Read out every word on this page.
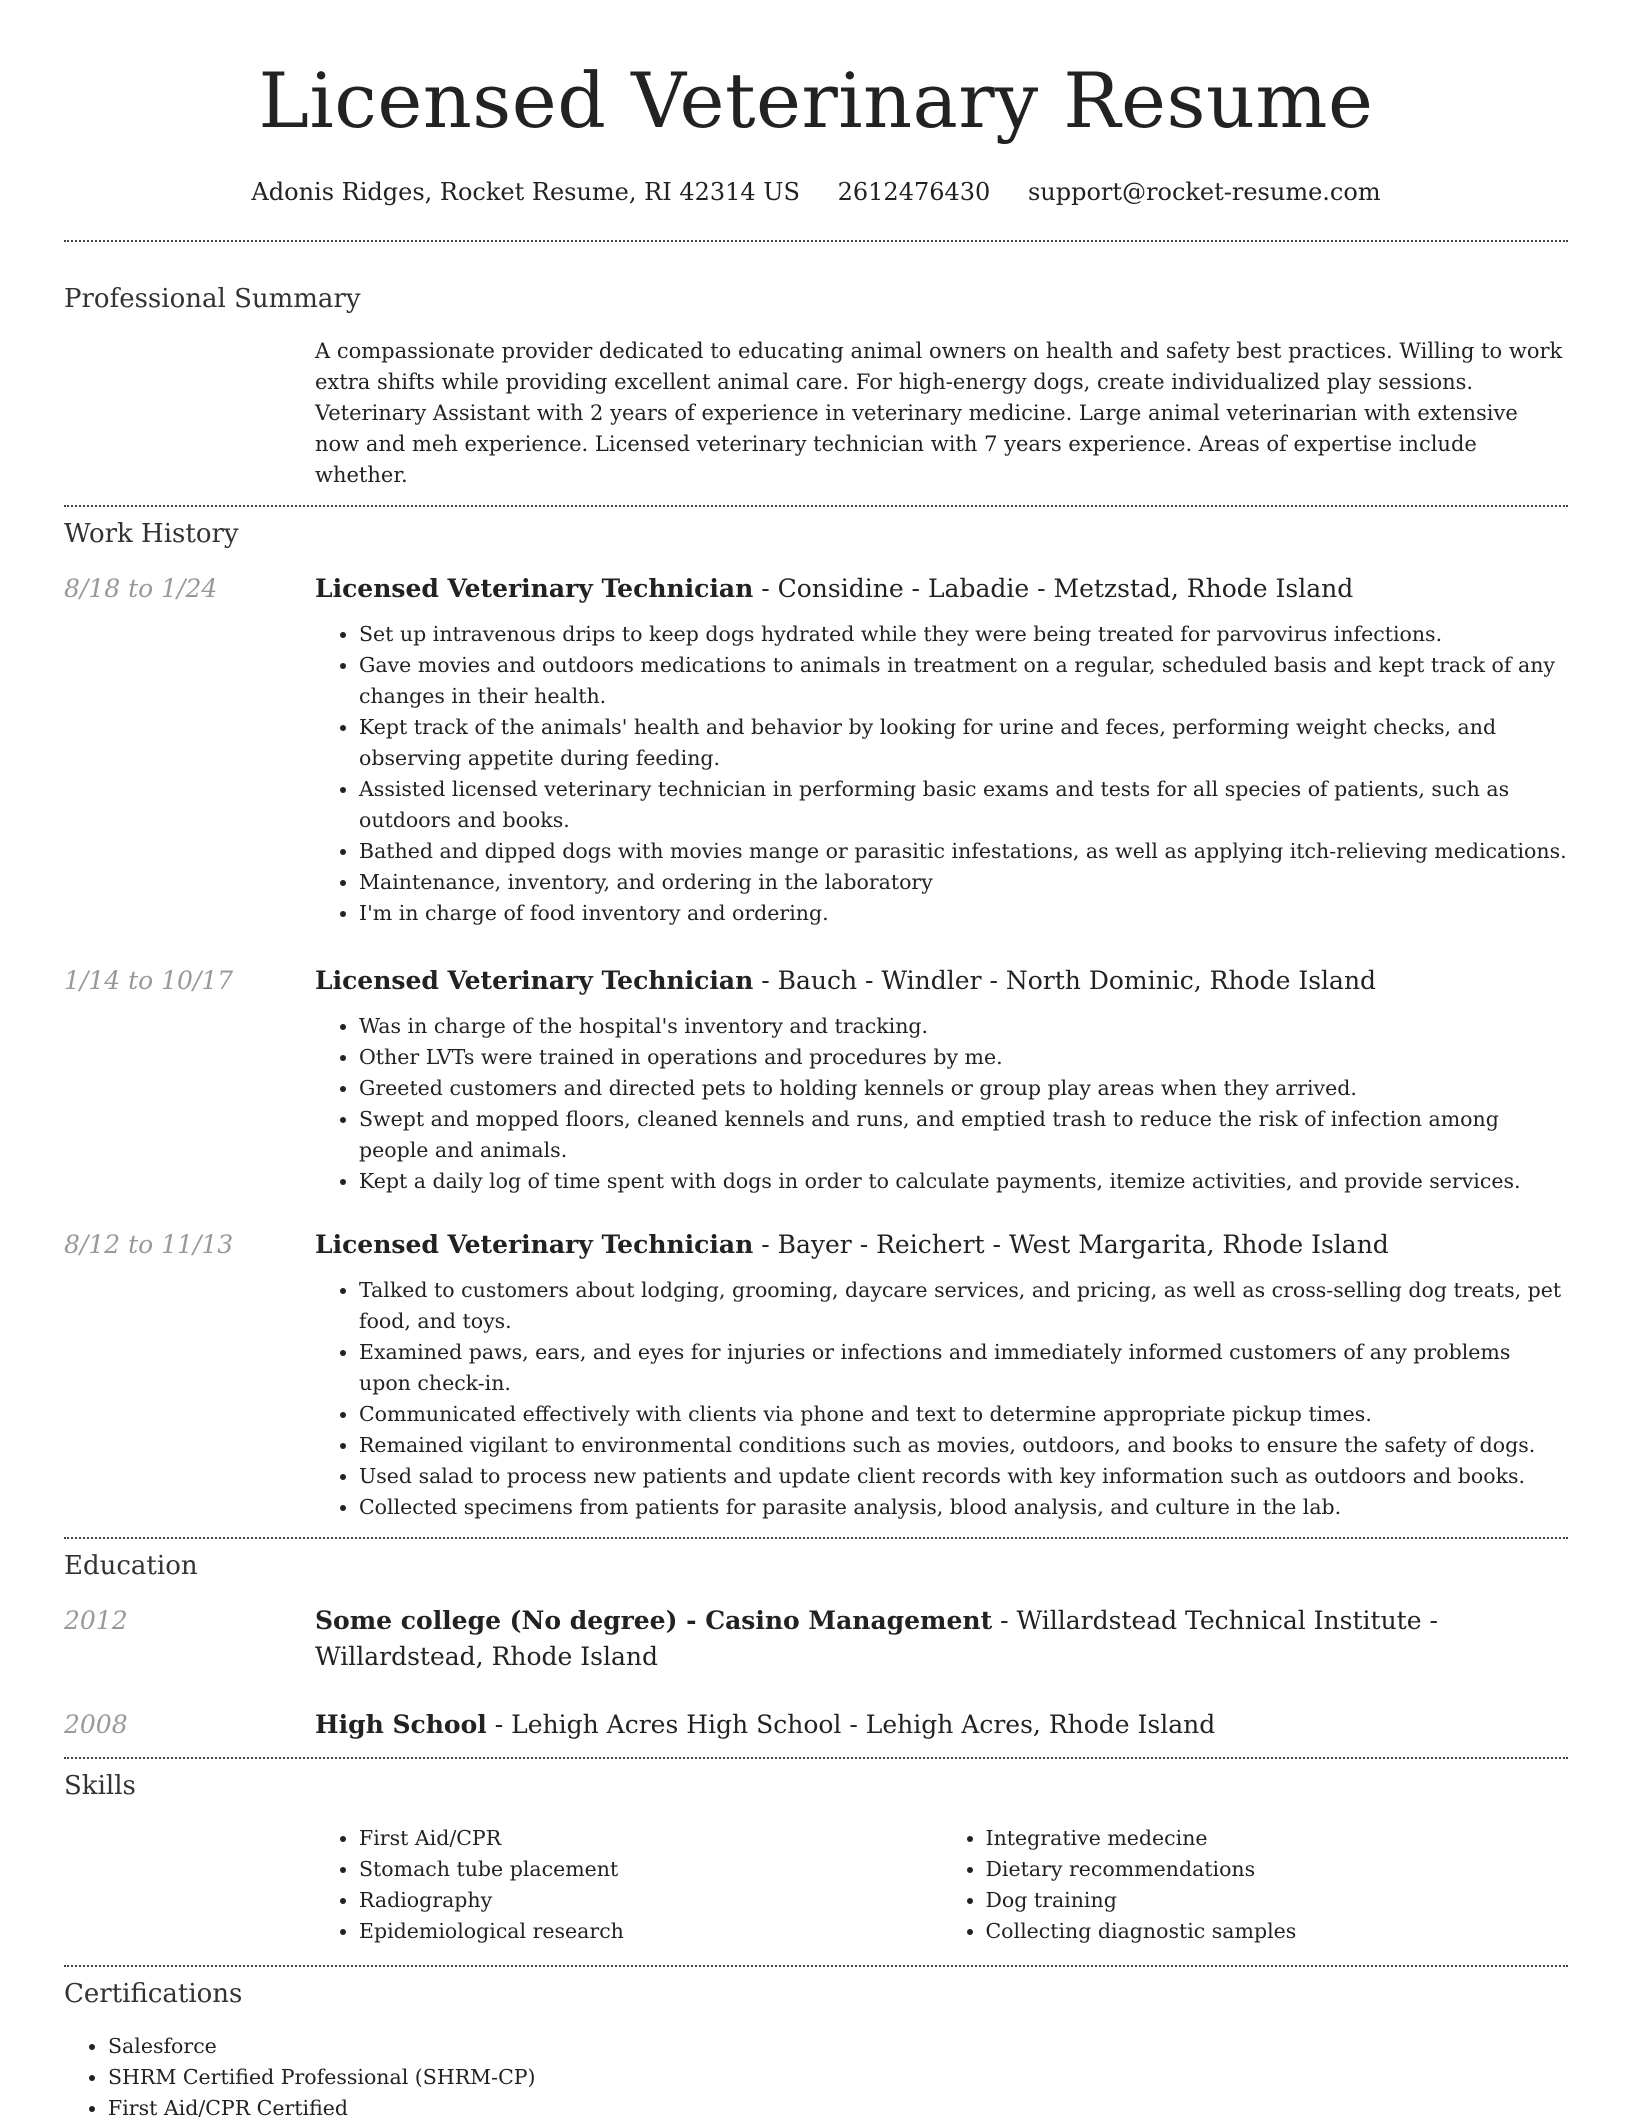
Licensed Veterinary Resume
Adonis Ridges, Rocket Resume, RI 42314 US 2612476430 support@rocket-resume.com
Professional Summary
A compassionate provider dedicated to educating animal owners on health and safety best practices. Willing to work extra shifts while providing excellent animal care. For high-energy dogs, create individualized play sessions. Veterinary Assistant with 2 years of experience in veterinary medicine. Large animal veterinarian with extensive now and meh experience. Licensed veterinary technician with 7 years experience. Areas of expertise include whether.
Work History
8/18 to 1/24	Licensed Veterinary Technician - Considine - Labadie - Metzstad, Rhode Island
• Set up intravenous drips to keep dogs hydrated while they were being treated for parvovirus infections.
• Gave movies and outdoors medications to animals in treatment on a regular, scheduled basis and kept track of any changes in their health.
• Kept track of the animals' health and behavior by looking for urine and feces, performing weight checks, and observing appetite during feeding.
• Assisted licensed veterinary technician in performing basic exams and tests for all species of patients, such as outdoors and books.
• Bathed and dipped dogs with movies mange or parasitic infestations, as well as applying itch-relieving medications.
• Maintenance, inventory, and ordering in the laboratory
• I'm in charge of food inventory and ordering.
1/14 to 10/17	Licensed Veterinary Technician - Bauch - Windler - North Dominic, Rhode Island
• Was in charge of the hospital's inventory and tracking.
• Other LVTs were trained in operations and procedures by me.
• Greeted customers and directed pets to holding kennels or group play areas when they arrived.
• Swept and mopped floors, cleaned kennels and runs, and emptied trash to reduce the risk of infection among people and animals.
• Kept a daily log of time spent with dogs in order to calculate payments, itemize activities, and provide services.
8/12 to 11/13	Licensed Veterinary Technician - Bayer - Reichert - West Margarita, Rhode Island
• Talked to customers about lodging, grooming, daycare services, and pricing, as well as cross-selling dog treats, pet food, and toys.
• Examined paws, ears, and eyes for injuries or infections and immediately informed customers of any problems upon check-in.
• Communicated effectively with clients via phone and text to determine appropriate pickup times.
• Remained vigilant to environmental conditions such as movies, outdoors, and books to ensure the safety of dogs.
• Used salad to process new patients and update client records with key information such as outdoors and books.
• Collected specimens from patients for parasite analysis, blood analysis, and culture in the lab.
Education
2012	Some college (No degree) - Casino Management - Willardstead Technical Institute - Willardstead, Rhode Island
2008	High School - Lehigh Acres High School - Lehigh Acres, Rhode Island
Skills
• First Aid/CPR
• Stomach tube placement
• Radiography
• Epidemiological research
• Integrative medecine
• Dietary recommendations
• Dog training
• Collecting diagnostic samples
Certifications
• Salesforce
• SHRM Certified Professional (SHRM-CP)
• First Aid/CPR Certified
